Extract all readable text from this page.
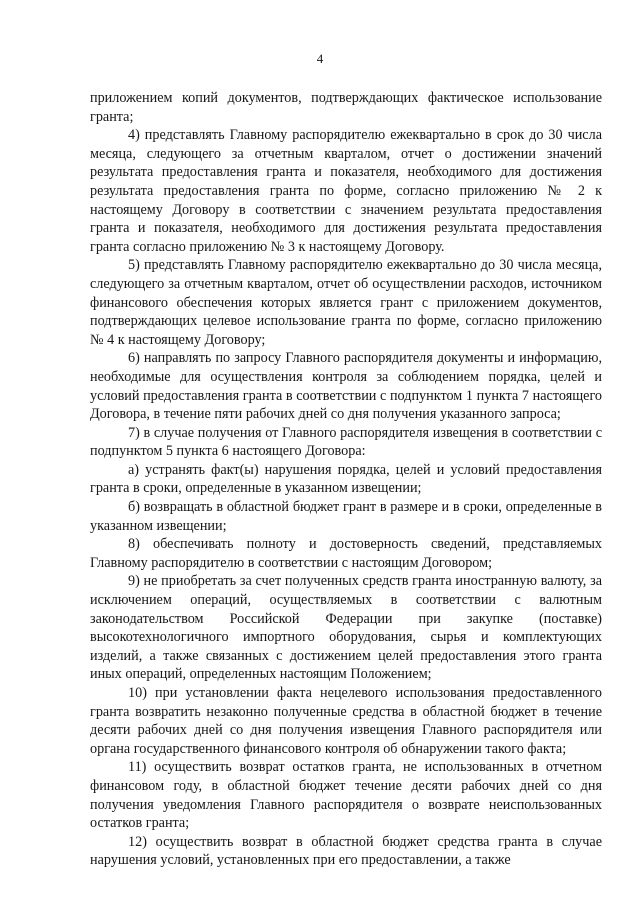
4

приложением копий документов, подтверждающих фактическое использование гранта;

4) представлять Главному распорядителю ежеквартально в срок до 30 числа месяца, следующего за отчетным кварталом, отчет о достижении значений результата предоставления гранта и показателя, необходимого для достижения результата предоставления гранта по форме, согласно приложению № 2 к настоящему Договору в соответствии с значением результата предоставления гранта и показателя, необходимого для достижения результата предоставления гранта согласно приложению № 3 к настоящему Договору.

5) представлять Главному распорядителю ежеквартально до 30 числа месяца, следующего за отчетным кварталом, отчет об осуществлении расходов, источником финансового обеспечения которых является грант с приложением документов, подтверждающих целевое использование гранта по форме, согласно приложению № 4 к настоящему Договору;

6) направлять по запросу Главного распорядителя документы и информацию, необходимые для осуществления контроля за соблюдением порядка, целей и условий предоставления гранта в соответствии с подпунктом 1 пункта 7 настоящего Договора, в течение пяти рабочих дней со дня получения указанного запроса;

7) в случае получения от Главного распорядителя извещения в соответствии с подпунктом 5 пункта 6 настоящего Договора:

а) устранять факт(ы) нарушения порядка, целей и условий предоставления гранта в сроки, определенные в указанном извещении;

б) возвращать в областной бюджет грант в размере и в сроки, определенные в указанном извещении;

8) обеспечивать полноту и достоверность сведений, представляемых Главному распорядителю в соответствии с настоящим Договором;

9) не приобретать за счет полученных средств гранта иностранную валюту, за исключением операций, осуществляемых в соответствии с валютным законодательством Российской Федерации при закупке (поставке) высокотехнологичного импортного оборудования, сырья и комплектующих изделий, а также связанных с достижением целей предоставления этого гранта иных операций, определенных настоящим Положением;

10) при установлении факта нецелевого использования предоставленного гранта возвратить незаконно полученные средства в областной бюджет в течение десяти рабочих дней со дня получения извещения Главного распорядителя или органа государственного финансового контроля об обнаружении такого факта;

11) осуществить возврат остатков гранта, не использованных в отчетном финансовом году, в областной бюджет течение десяти рабочих дней со дня получения уведомления Главного распорядителя о возврате неиспользованных остатков гранта;

12) осуществить возврат в областной бюджет средства гранта в случае нарушения условий, установленных при его предоставлении, а также
